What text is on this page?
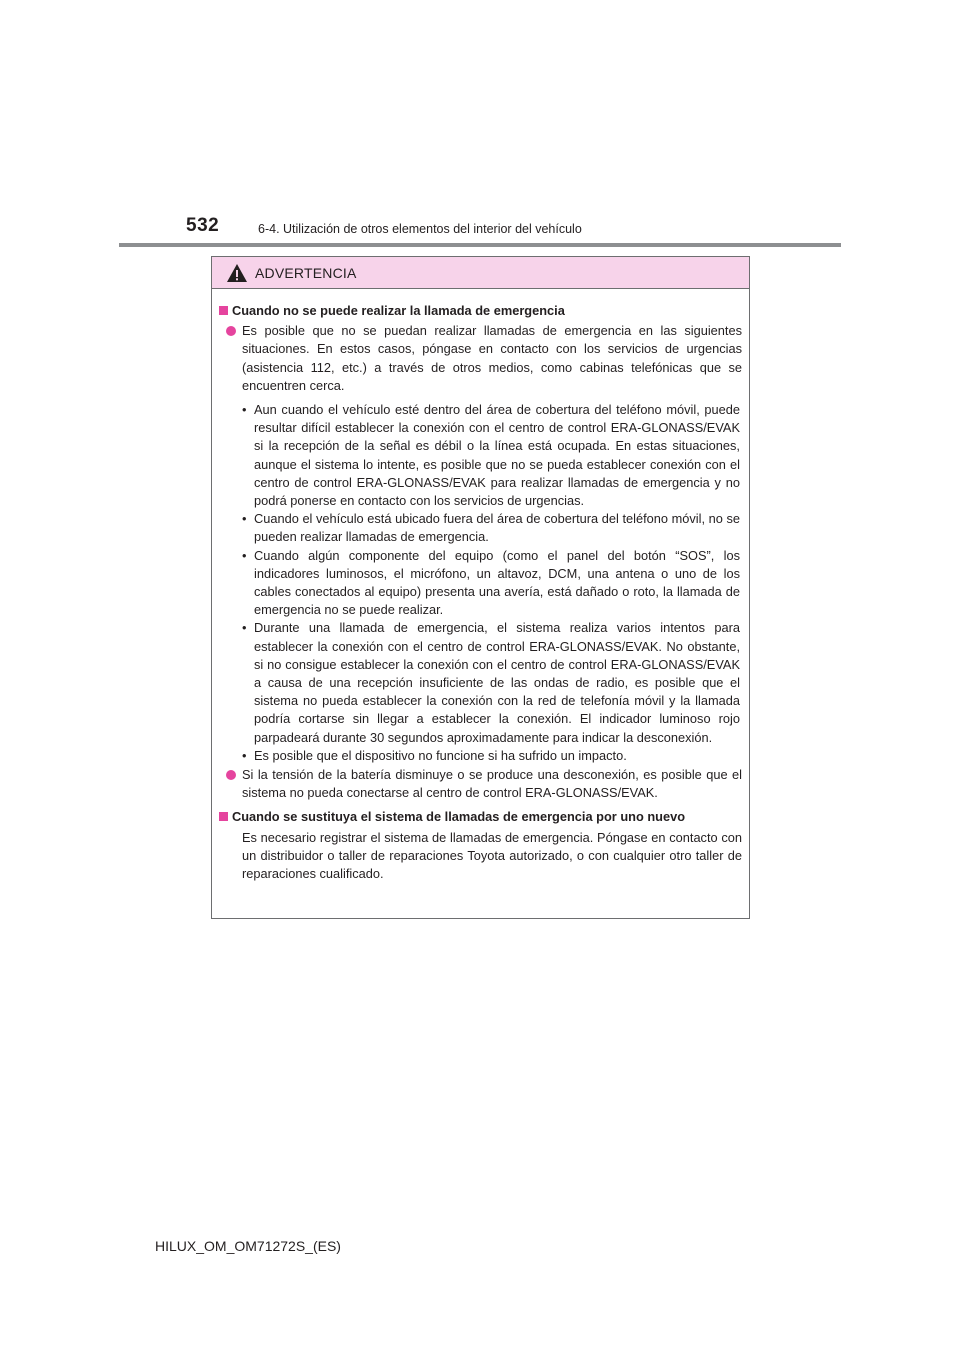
532	6-4. Utilización de otros elementos del interior del vehículo
ADVERTENCIA
Cuando no se puede realizar la llamada de emergencia
Es posible que no se puedan realizar llamadas de emergencia en las siguientes situaciones. En estos casos, póngase en contacto con los servicios de urgencias (asistencia 112, etc.) a través de otros medios, como cabinas telefónicas que se encuentren cerca.
• Aun cuando el vehículo esté dentro del área de cobertura del teléfono móvil, puede resultar difícil establecer la conexión con el centro de control ERA-GLONASS/EVAK si la recepción de la señal es débil o la línea está ocupada. En estas situaciones, aunque el sistema lo intente, es posible que no se pueda establecer conexión con el centro de control ERA-GLONASS/EVAK para realizar llamadas de emergencia y no podrá ponerse en contacto con los servicios de urgencias.
• Cuando el vehículo está ubicado fuera del área de cobertura del teléfono móvil, no se pueden realizar llamadas de emergencia.
• Cuando algún componente del equipo (como el panel del botón “SOS”, los indicadores luminosos, el micrófono, un altavoz, DCM, una antena o uno de los cables conectados al equipo) presenta una avería, está dañado o roto, la llamada de emergencia no se puede realizar.
• Durante una llamada de emergencia, el sistema realiza varios intentos para establecer la conexión con el centro de control ERA-GLONASS/EVAK. No obstante, si no consigue establecer la conexión con el centro de control ERA-GLONASS/EVAK a causa de una recepción insuficiente de las ondas de radio, es posible que el sistema no pueda establecer la conexión con la red de telefonía móvil y la llamada podría cortarse sin llegar a establecer la conexión. El indicador luminoso rojo parpadeará durante 30 segundos aproximadamente para indicar la desconexión.
• Es posible que el dispositivo no funcione si ha sufrido un impacto.
Si la tensión de la batería disminuye o se produce una desconexión, es posible que el sistema no pueda conectarse al centro de control ERA-GLONASS/EVAK.
Cuando se sustituya el sistema de llamadas de emergencia por uno nuevo
Es necesario registrar el sistema de llamadas de emergencia. Póngase en contacto con un distribuidor o taller de reparaciones Toyota autorizado, o con cualquier otro taller de reparaciones cualificado.
HILUX_OM_OM71272S_(ES)
